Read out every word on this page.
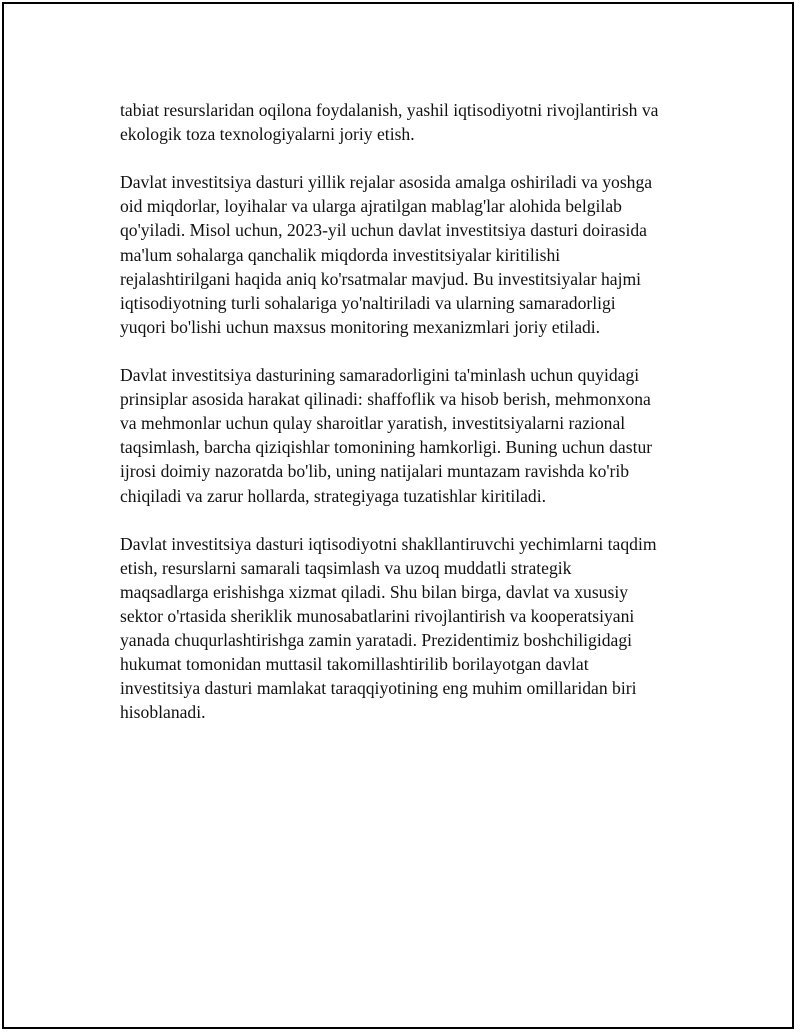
tabiat resurslaridan oqilona foydalanish, yashil iqtisodiyotni rivojlantirish va
ekologik toza texnologiyalarni joriy etish.

Davlat investitsiya dasturi yillik rejalar asosida amalga oshiriladi va yoshga
oid miqdorlar, loyihalar va ularga ajratilgan mablag'lar alohida belgilab
qo'yiladi. Misol uchun, 2023-yil uchun davlat investitsiya dasturi doirasida
ma'lum sohalarga qanchalik miqdorda investitsiyalar kiritilishi
rejalashtirilgani haqida aniq ko'rsatmalar mavjud. Bu investitsiyalar hajmi
iqtisodiyotning turli sohalariga yo'naltiriladi va ularning samaradorligi
yuqori bo'lishi uchun maxsus monitoring mexanizmlari joriy etiladi.

Davlat investitsiya dasturining samaradorligini ta'minlash uchun quyidagi
prinsiplar asosida harakat qilinadi: shaffoflik va hisob berish, mehmonxona
va mehmonlar uchun qulay sharoitlar yaratish, investitsiyalarni razional
taqsimlash, barcha qiziqishlar tomonining hamkorligi. Buning uchun dastur
ijrosi doimiy nazoratda bo'lib, uning natijalari muntazam ravishda ko'rib
chiqiladi va zarur hollarda, strategiyaga tuzatishlar kiritiladi.

Davlat investitsiya dasturi iqtisodiyotni shakllantiruvchi yechimlarni taqdim
etish, resurslarni samarali taqsimlash va uzoq muddatli strategik
maqsadlarga erishishga xizmat qiladi. Shu bilan birga, davlat va xususiy
sektor o'rtasida sheriklik munosabatlarini rivojlantirish va kooperatsiyani
yanada chuqurlashtirishga zamin yaratadi. Prezidentimiz boshchiligidagi
hukumat tomonidan muttasil takomillashtirilib borilayotgan davlat
investitsiya dasturi mamlakat taraqqiyotining eng muhim omillaridan biri
hisoblanadi.
